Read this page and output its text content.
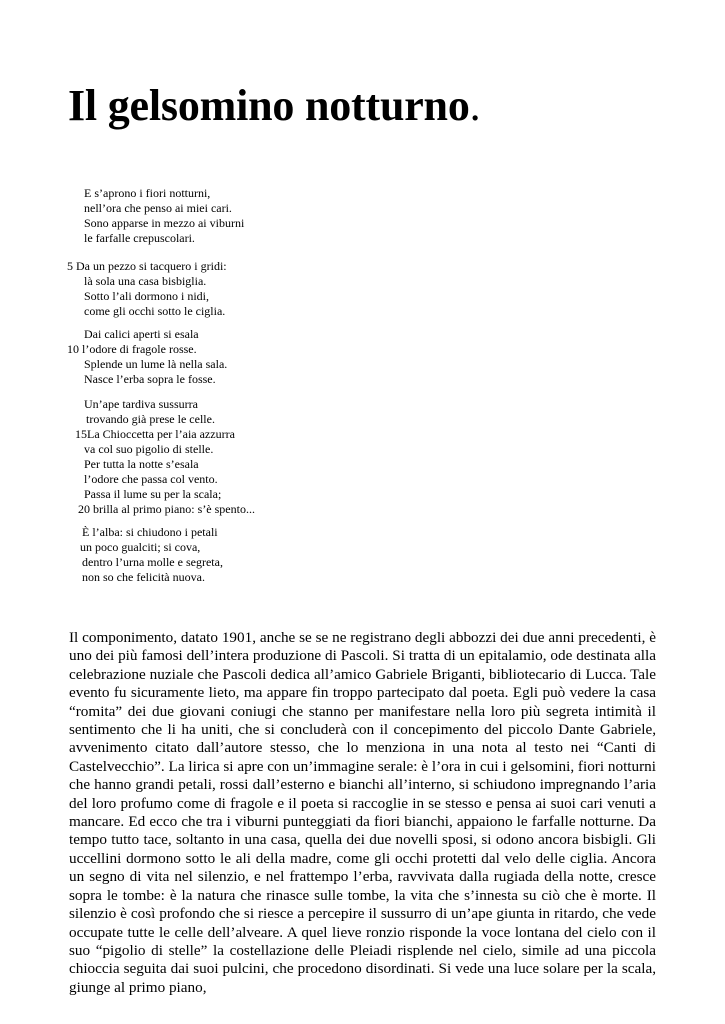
Il gelsomino notturno.
E s’aprono i fiori notturni,
nell’ora che penso ai miei cari.
Sono apparse in mezzo ai viburni
le farfalle crepuscolari.
5 Da un pezzo si tacquero i gridi:
là sola una casa bisbiglia.
Sotto l’ali dormono i nidi,
come gli occhi sotto le ciglia.
Dai calici aperti si esala
10 l’odore di fragole rosse.
Splende un lume là nella sala.
Nasce l’erba sopra le fosse.
Un’ape tardiva sussurra
trovando già prese le celle.
15La Chioccetta per l’aia azzurra
va col suo pigolio di stelle.
Per tutta la notte s’esala
l’odore che passa col vento.
Passa il lume su per la scala;
20 brilla al primo piano: s’è spento...
È l’alba: si chiudono i petali
un poco gualciti; si cova,
dentro l’urna molle e segreta,
non so che felicità nuova.

Il componimento, datato 1901, anche se se ne registrano degli abbozzi dei due anni precedenti, è uno dei più famosi dell’intera produzione di Pascoli. Si tratta di un epitalamio, ode destinata alla celebrazione nuziale che Pascoli dedica all’amico Gabriele Briganti, bibliotecario di Lucca. Tale evento fu sicuramente lieto, ma appare fin troppo partecipato dal poeta. Egli può vedere la casa “romita” dei due giovani coniugi che stanno per manifestare nella loro più segreta intimità il sentimento che li ha uniti, che si concluderà con il concepimento del piccolo Dante Gabriele, avvenimento citato dall’autore stesso, che lo menziona in una nota al testo nei “Canti di Castelvecchio”. La lirica si apre con un’immagine serale: è l’ora in cui i gelsomini, fiori notturni che hanno grandi petali, rossi dall’esterno e bianchi all’interno, si schiudono impregnando l’aria del loro profumo come di fragole e il poeta si raccoglie in se stesso e pensa ai suoi cari venuti a mancare. Ed ecco che tra i viburni punteggiati da fiori bianchi, appaiono le farfalle notturne. Da tempo tutto tace, soltanto in una casa, quella dei due novelli sposi, si odono ancora bisbigli. Gli uccellini dormono sotto le ali della madre, come gli occhi protetti dal velo delle ciglia. Ancora un segno di vita nel silenzio, e nel frattempo l’erba, ravvivata dalla rugiada della notte, cresce sopra le tombe: è la natura che rinasce sulle tombe, la vita che s’innesta su ciò che è morte. Il silenzio è così profondo che si riesce a percepire il sussurro di un’ape giunta in ritardo, che vede occupate tutte le celle dell’alveare. A quel lieve ronzio risponde la voce lontana del cielo con il suo “pigolio di stelle” la costellazione delle Pleiadi risplende nel cielo, simile ad una piccola chioccia seguita dai suoi pulcini, che procedono disordinati. Si vede una luce solare per la scala, giunge al primo piano,
